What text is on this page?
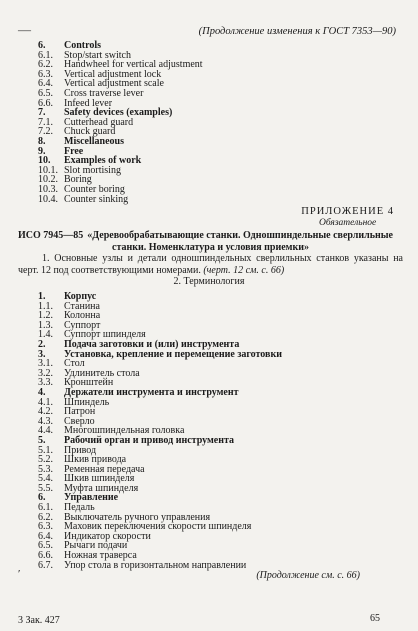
—	(Продолжение изменения к ГОСТ 7353—90)
6. Controls
6.1. Stop/start switch
6.2. Handwheel for vertical adjustment
6.3. Vertical adjustment lock
6.4. Vertical adjustment scale
6.5. Cross traverse lever
6.6. Infeed lever
7. Safety devices (examples)
7.1. Cutterhead guard
7.2. Chuck guard
8. Miscellaneous
9. Free
10. Examples of work
10.1. Slot mortising
10.2. Boring
10.3. Counter boring
10.4. Counter sinking
ПРИЛОЖЕНИЕ 4
Обязательное
ИСО 7945—85 «Деревообрабатывающие станки. Одношпиндельные сверлильные
станки. Номенклатура и условия приемки»
1. Основные узлы и детали одношпиндельных сверлильных станков указаны на черт. 12 под соответствующими номерами. (черт. 12 см. с. 66)
2. Терминология
1. Корпус
1.1. Станина
1.2. Колонна
1.3. Суппорт
1.4. Суппорт шпинделя
2. Подача заготовки и (или) инструмента
3. Установка, крепление и перемещение заготовки
3.1. Стол
3.2. Удлинитель стола
3.3. Кронштейн
4. Держатели инструмента и инструмент
4.1. Шпиндель
4.2. Патрон
4.3. Сверло
4.4. Многошпиндельная головка
5. Рабочий орган и привод инструмента
5.1. Привод
5.2. Шкив привода
5.3. Ременная передача
5.4. Шкив шпинделя
5.5. Муфта шпинделя
6. Управление
6.1. Педаль
6.2. Выключатель ручного управления
6.3. Маховик переключения скорости шпинделя
6.4. Индикатор скорости
6.5. Рычаги подачи
6.6. Ножная траверса
6.7. Упор стола в горизонтальном направлении
ʹ	(Продолжение см. с. 66)
3 Зак. 427	65
